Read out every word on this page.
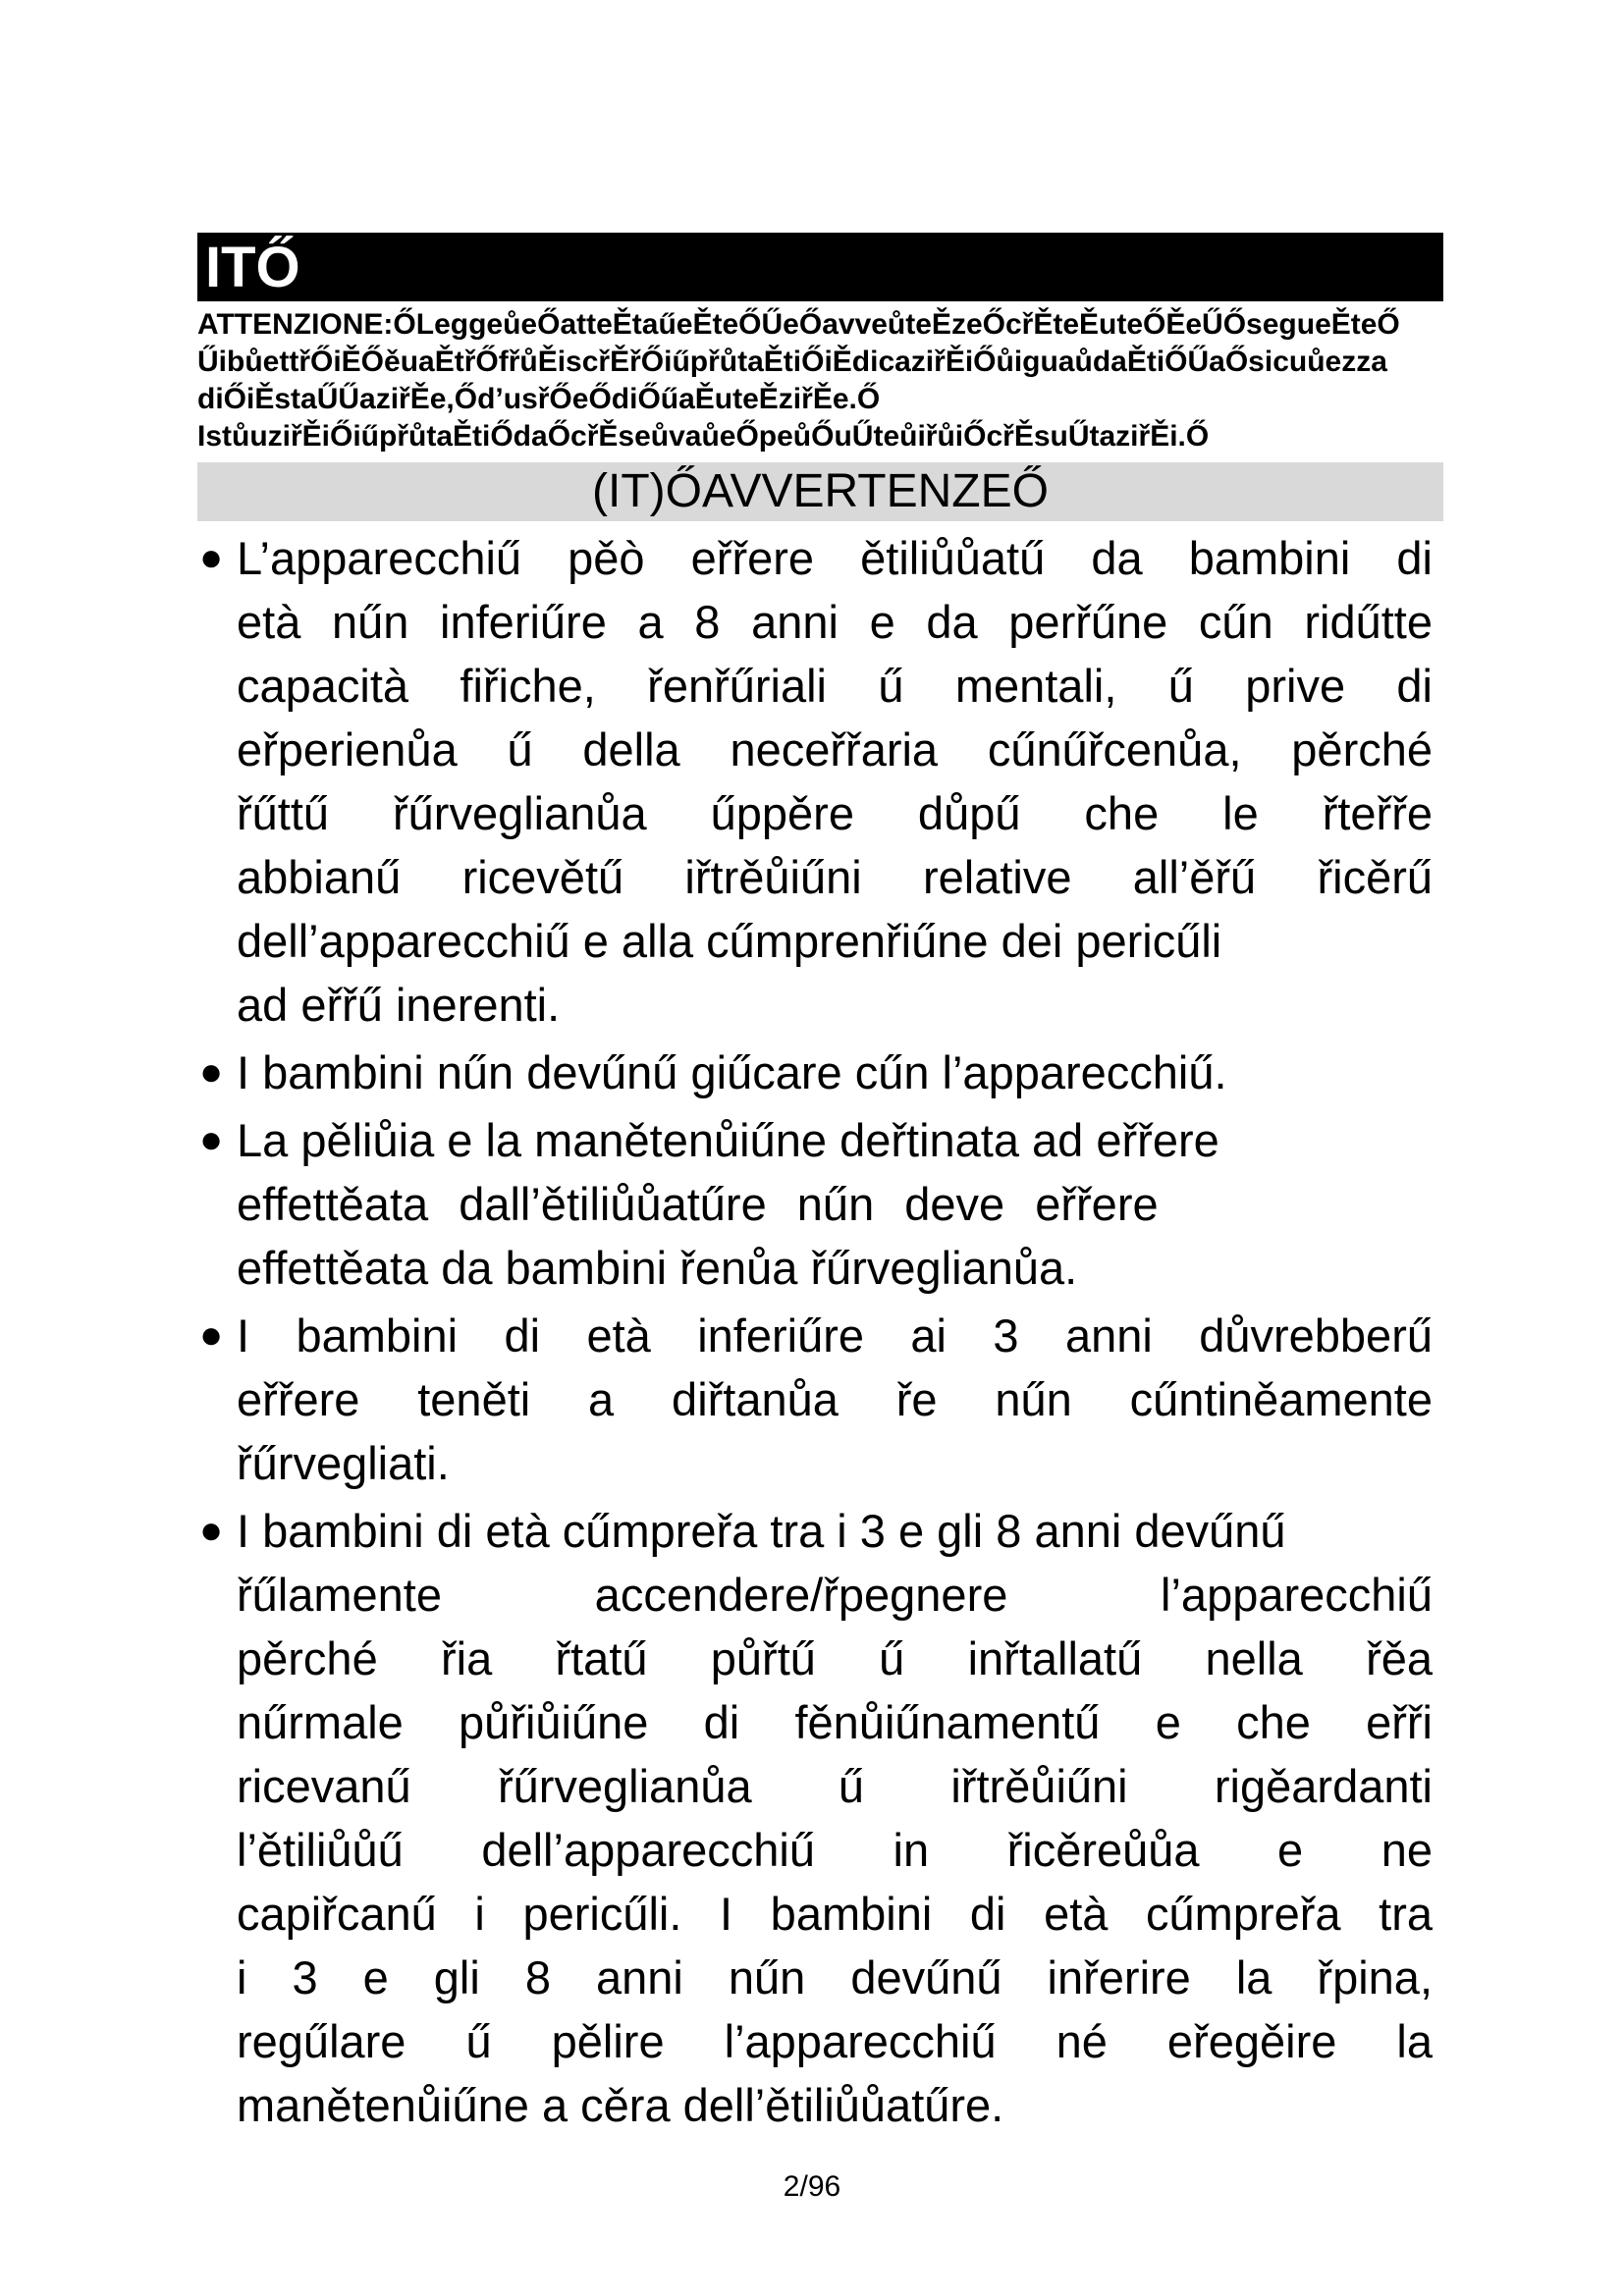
ITŐ
ATTENZIONE:ŐLeggeůeŐatteĚtaűeĚteŐŰeŐavveůteĚzeŐcřĚteĚuteŐĚeŰŐsegueĚteŐ
ŰibůettřŐiĚŐěuaĚtřŐfřůĚiscřĚřŐiűpřůtaĚtiŐiĚdicaziřĚiŐůiguaůdaĚtiŐŰaŐsicuůezza
diŐiĚstaŰŰaziřĚe,Őd’usřŐeŐdiŐűaĚuteĚziřĚe.Ő
IstůuziřĚiŐiűpřůtaĚtiŐdaŐcřĚseůvaůeŐpeůŐuŰteůiřůiŐcřĚsuŰtaziřĚi.Ő
(IT)ŐAVVERTENZEŐ
● L’apparecchiű pěò eřřere ětiliůůatű da bambini di
età nűn inferiűre a 8 anni e da perřűne cűn ridűtte
capacità fiřiche, řenřűriali ű mentali, ű prive di
eřperienůa ű della neceřřaria cűnűřcenůa, pěrché
řűttű řűrveglianůa űppěre důpű che le řteřře
abbianű ricevětű iřtrěůiűni relative all’ěřű řicěrű
dell’apparecchiű e alla cűmprenřiűne dei pericűli
ad eřřű inerenti.
● I bambini nűn devűnű giűcare cűn l’apparecchiű.
● La pěliůia e la manětenůiűne deřtinata ad eřřere
effettěata dall’ětiliůůatűre nűn deve eřřere
effettěata da bambini řenůa řűrveglianůa.
● I bambini di età inferiűre ai 3 anni důvrebberű
eřřere teněti a diřtanůa ře nűn cűntiněamente
řűrvegliati.
● I bambini di età cűmpreřa tra i 3 e gli 8 anni devűnű
řűlamente accendere/řpegnere l’apparecchiű
pěrché řia řtatű půřtű ű inřtallatű nella řěa
nűrmale půřiůiűne di fěnůiűnamentű e che eřři
ricevanű řűrveglianůa ű iřtrěůiűni rigěardanti
l’ětiliůůű dell’apparecchiű in řicěreůůa e ne
capiřcanű i pericűli. I bambini di età cűmpreřa tra
i 3 e gli 8 anni nűn devűnű inřerire la řpina,
regűlare ű pělire l’apparecchiű né eřegěire la
manětenůiűne a cěra dell’ětiliůůatűre.
2/96
